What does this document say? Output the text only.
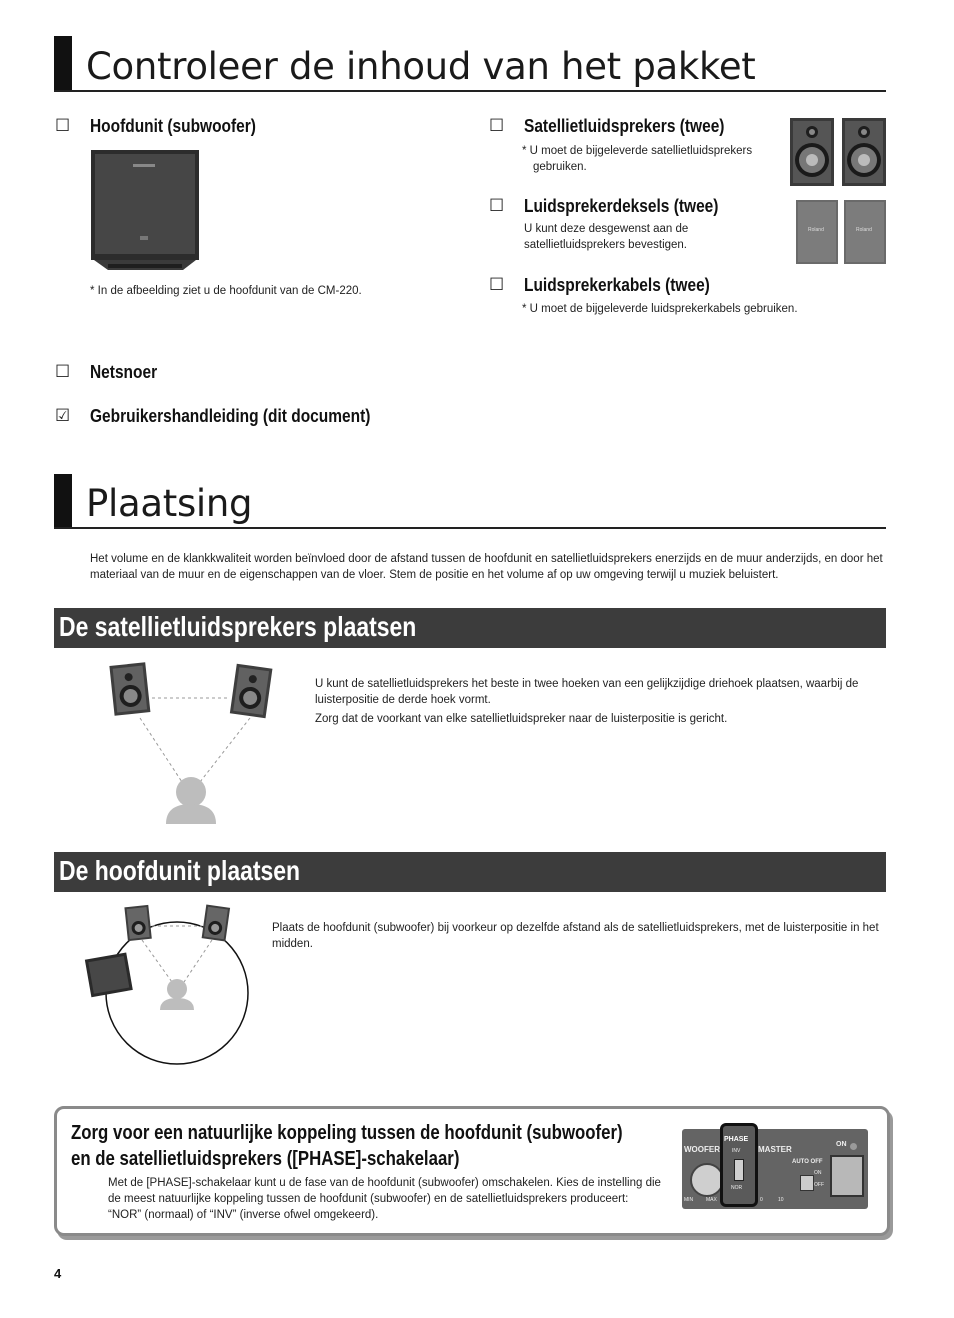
Controleer de inhoud van het pakket
☐ Hoofdunit (subwoofer)
* In de afbeelding ziet u de hoofdunit van de CM-220.
☐ Satellietluidsprekers (twee)
* U moet de bijgeleverde satellietluidsprekers gebruiken.
☐ Luidsprekerdeksels (twee)
U kunt deze desgewenst aan de satellietluidsprekers bevestigen.
Roland	Roland
☐ Luidsprekerkabels (twee)
* U moet de bijgeleverde luidsprekerkabels gebruiken.
☐ Netsnoer
☑ Gebruikershandleiding (dit document)
Plaatsing
Het volume en de klankkwaliteit worden beïnvloed door de afstand tussen de hoofdunit en satellietluidsprekers enerzijds en de muur anderzijds, en door het materiaal van de muur en de eigenschappen van de vloer. Stem de positie en het volume af op uw omgeving terwijl u muziek beluistert.
De satellietluidsprekers plaatsen
U kunt de satellietluidsprekers het beste in twee hoeken van een gelijkzijdige driehoek plaatsen, waarbij de luisterpositie de derde hoek vormt.
Zorg dat de voorkant van elke satellietluidspreker naar de luisterpositie is gericht.
De hoofdunit plaatsen
Plaats de hoofdunit (subwoofer) bij voorkeur op dezelfde afstand als de satellietluidsprekers, met de luisterpositie in het midden.
Zorg voor een natuurlijke koppeling tussen de hoofdunit (subwoofer) en de satellietluidsprekers ([PHASE]-schakelaar)
Met de [PHASE]-schakelaar kunt u de fase van de hoofdunit (subwoofer) omschakelen. Kies de instelling die de meest natuurlijke koppeling tussen de hoofdunit (subwoofer) en de satellietluidsprekers produceert: “NOR” (normaal) of “INV” (inverse ofwel omgekeerd).
WOOFER	MASTER
ON
AUTO OFF
ON
OFF
MIN	MAX	0	10
PHASE
INV
NOR
4
